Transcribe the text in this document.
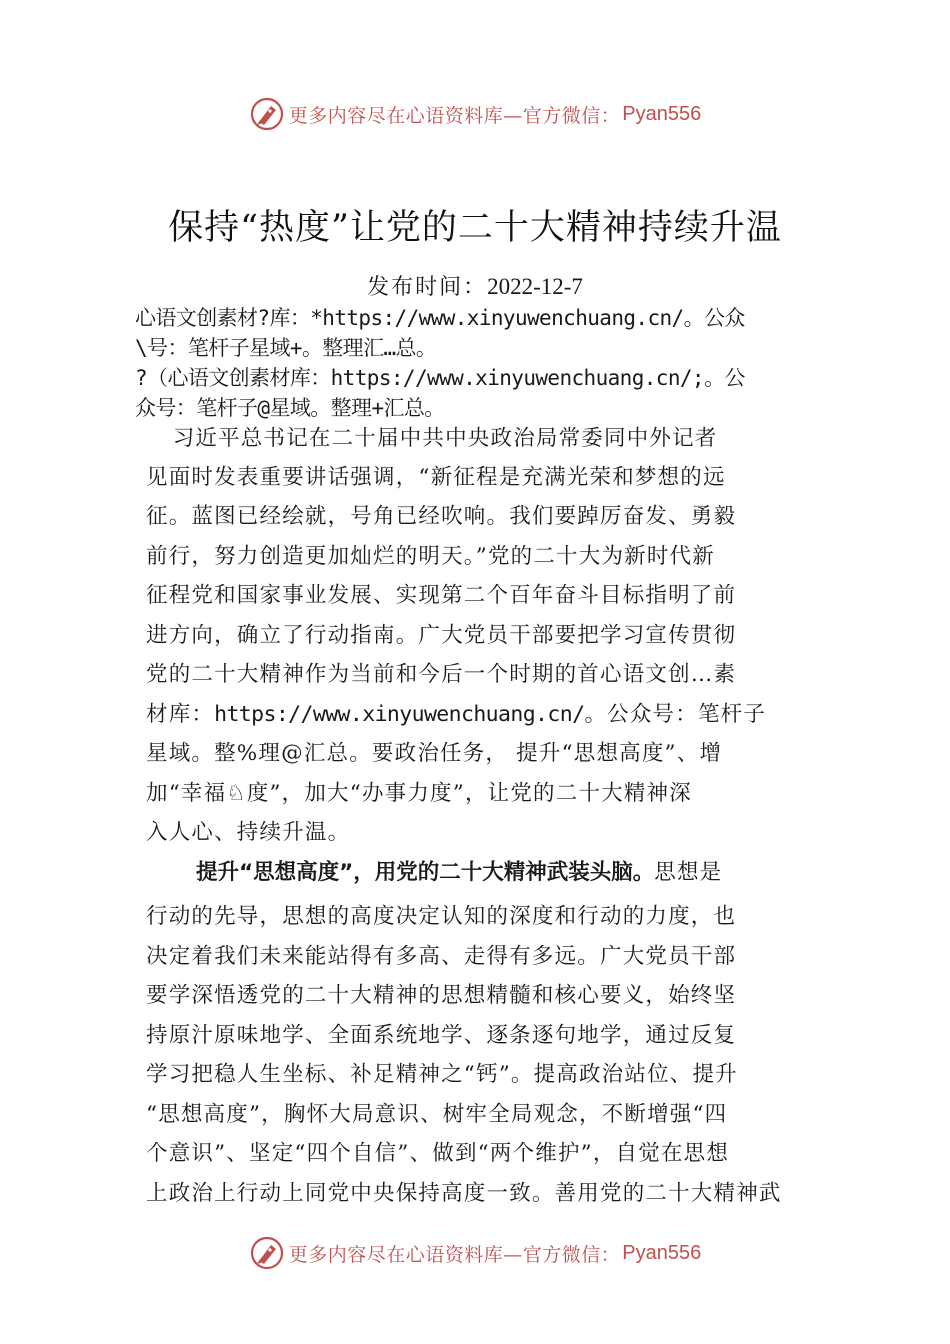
更多内容尽在心语资料库—官方微信： Pyan556
保持“热度”让党的二十大精神持续升温
发布时间：2022-12-7
心语文创素材?库：*https://www.xinyuwenchuang.cn/。公众
\号：笔杆子星域+。整理汇…总。
?（心语文创素材库：https://www.xinyuwenchuang.cn/;。公
众号：笔杆子@星域。整理+汇总。
　习近平总书记在二十届中共中央政治局常委同中外记者
见面时发表重要讲话强调，“新征程是充满光荣和梦想的远
征。蓝图已经绘就，号角已经吹响。我们要踔厉奋发、勇毅
前行，努力创造更加灿烂的明天。”党的二十大为新时代新
征程党和国家事业发展、实现第二个百年奋斗目标指明了前
进方向，确立了行动指南。广大党员干部要把学习宣传贯彻
党的二十大精神作为当前和今后一个时期的首心语文创…素
材库：https://www.xinyuwenchuang.cn/。公众号：笔杆子
星域。整%理@汇总。要政治任务， 提升“思想高度”、增
加“幸福♘度”，加大“办事力度”，让党的二十大精神深
入人心、持续升温。
提升“思想高度”，用党的二十大精神武装头脑。思想是
行动的先导，思想的高度决定认知的深度和行动的力度，也
决定着我们未来能站得有多高、走得有多远。广大党员干部
要学深悟透党的二十大精神的思想精髓和核心要义，始终坚
持原汁原味地学、全面系统地学、逐条逐句地学，通过反复
学习把稳人生坐标、补足精神之“钙”。提高政治站位、提升
“思想高度”，胸怀大局意识、树牢全局观念，不断增强“四
个意识”、坚定“四个自信”、做到“两个维护”，自觉在思想
上政治上行动上同党中央保持高度一致。善用党的二十大精神武
更多内容尽在心语资料库—官方微信： Pyan556
